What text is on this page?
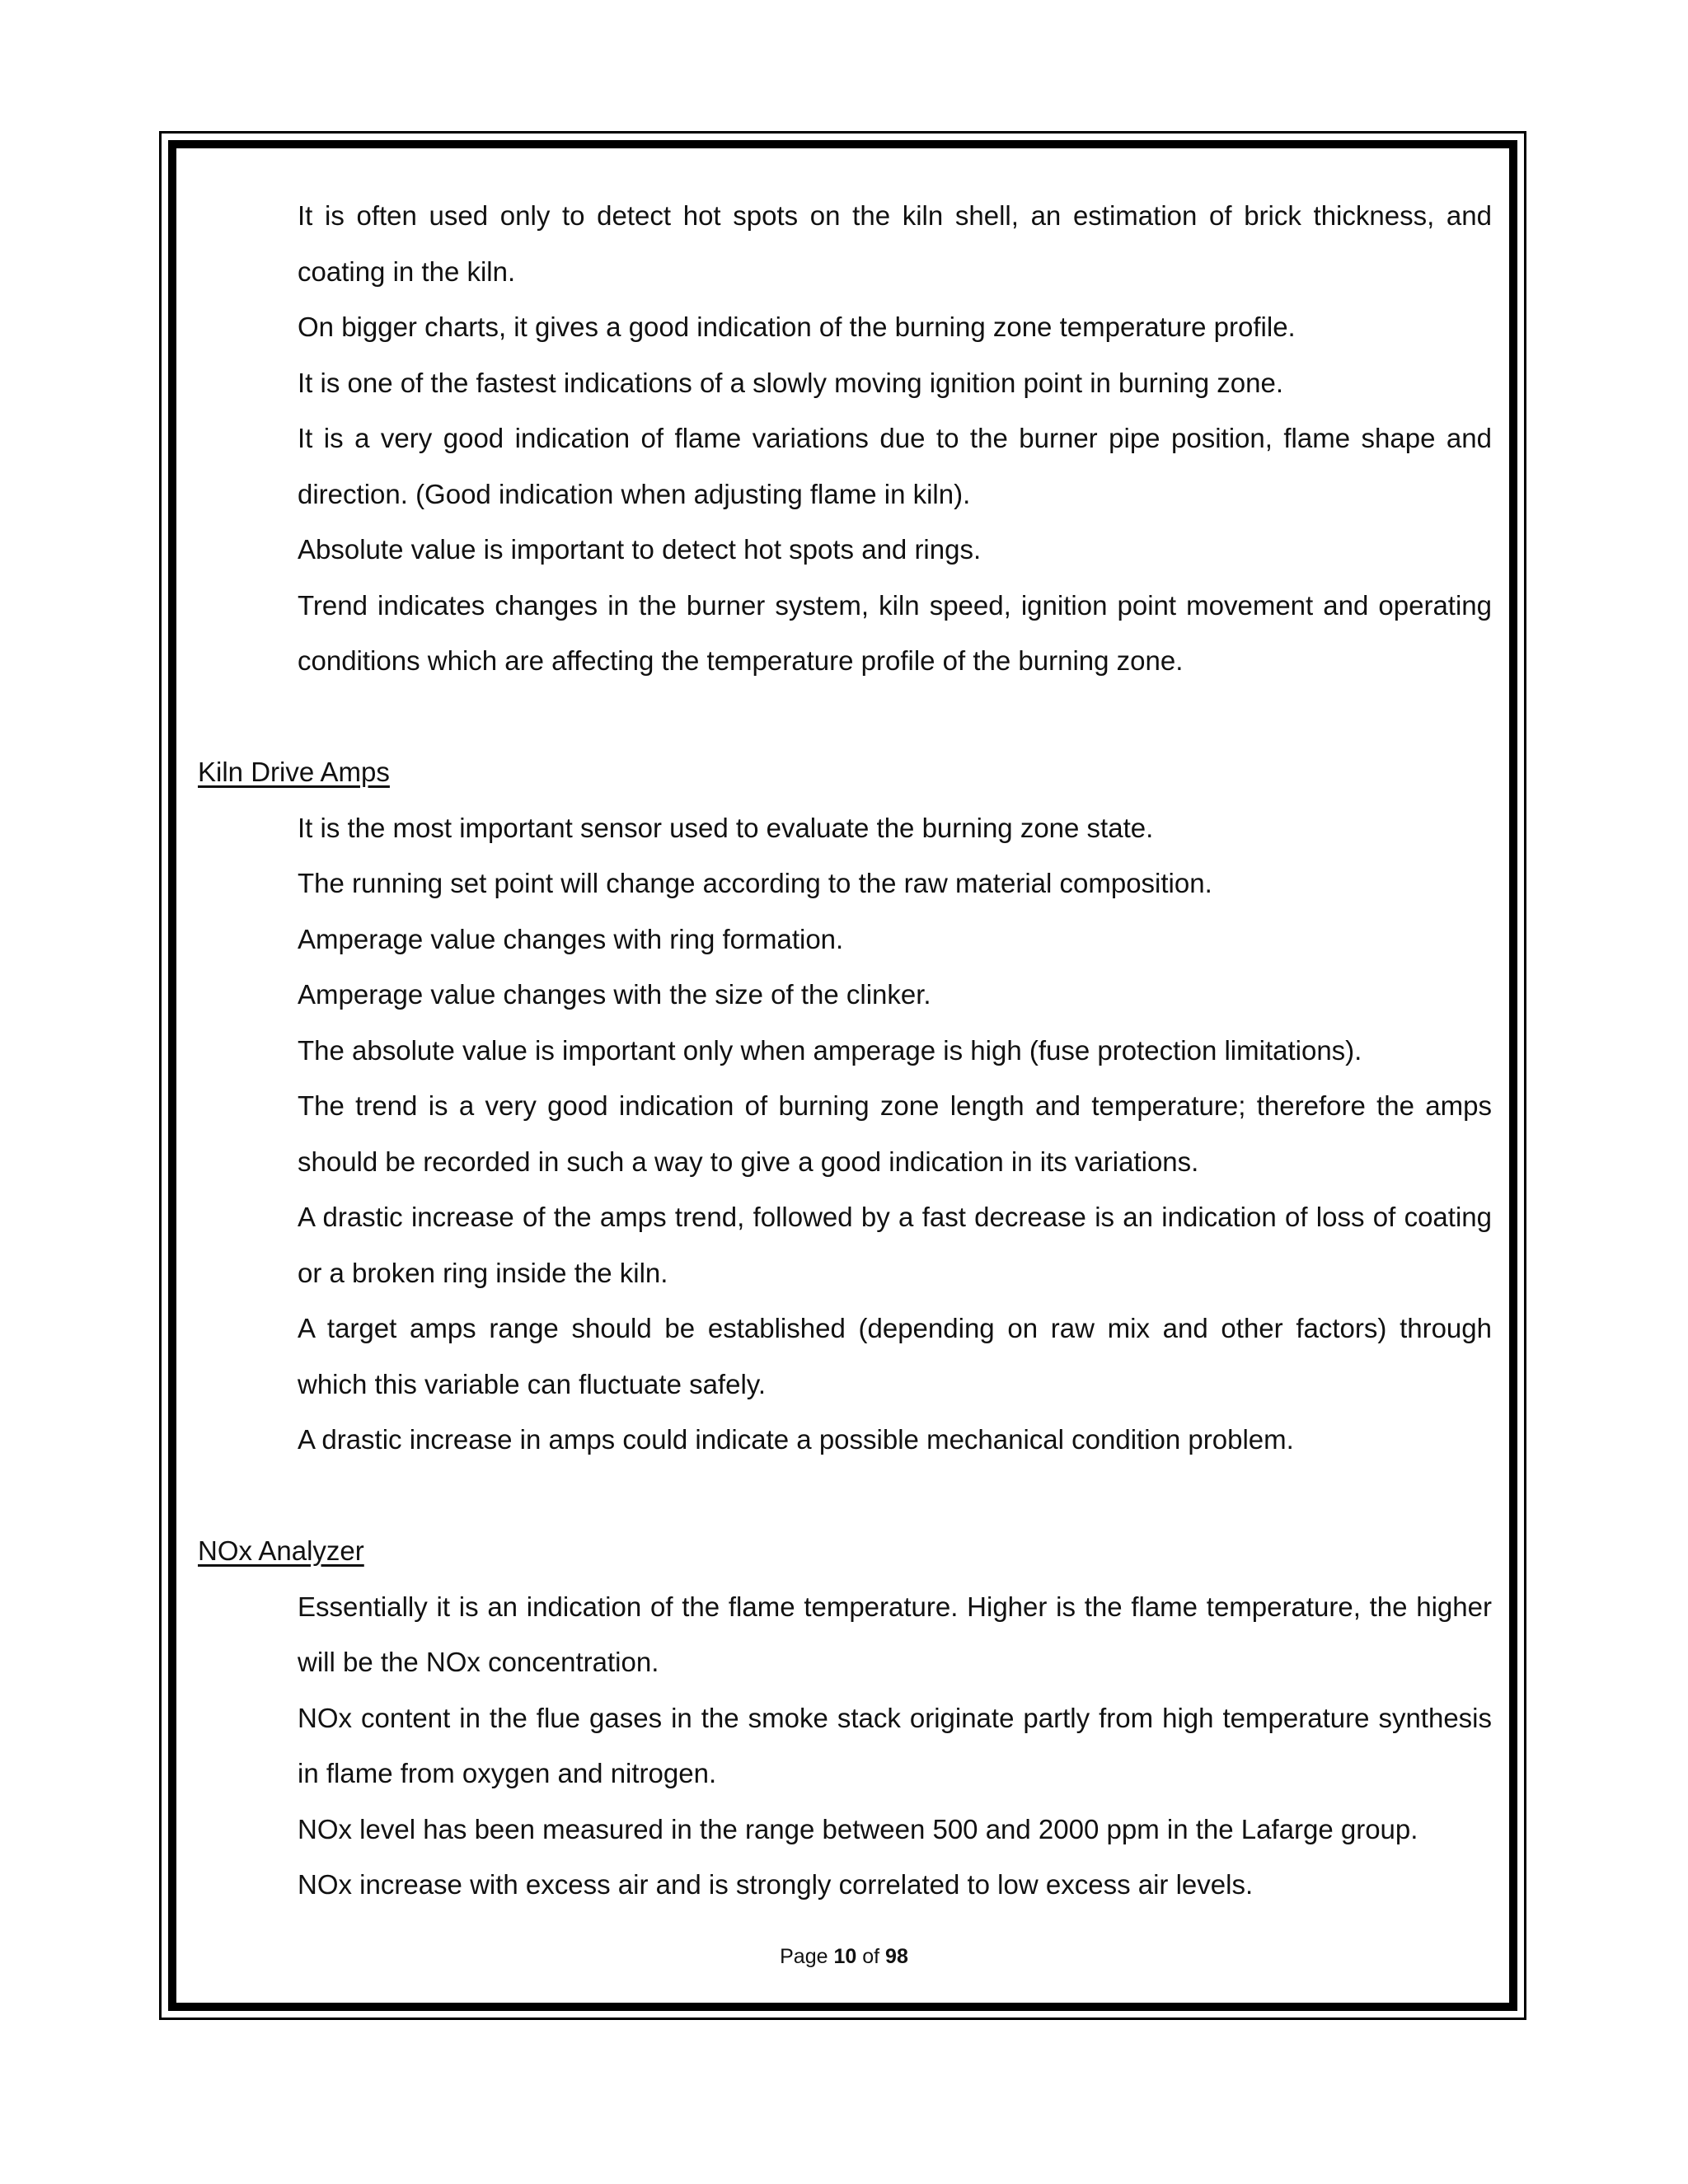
It is often used only to detect hot spots on the kiln shell, an estimation of brick thickness, and coating in the kiln.

On bigger charts, it gives a good indication of the burning zone temperature profile.

It is one of the fastest indications of a slowly moving ignition point in burning zone.

It is a very good indication of flame variations due to the burner pipe position, flame shape and direction. (Good indication when adjusting flame in kiln).

Absolute value is important to detect hot spots and rings.

Trend indicates changes in the burner system, kiln speed, ignition point movement and operating conditions which are affecting the temperature profile of the burning zone.

Kiln Drive Amps

It is the most important sensor used to evaluate the burning zone state.

The running set point will change according to the raw material composition.

Amperage value changes with ring formation.

Amperage value changes with the size of the clinker.

The absolute value is important only when amperage is high (fuse protection limitations).

The trend is a very good indication of burning zone length and temperature; therefore the amps should be recorded in such a way to give a good indication in its variations.

A drastic increase of the amps trend, followed by a fast decrease is an indication of loss of coating or a broken ring inside the kiln.

A target amps range should be established (depending on raw mix and other factors) through which this variable can fluctuate safely.

A drastic increase in amps could indicate a possible mechanical condition problem.

NOx Analyzer

Essentially it is an indication of the flame temperature. Higher is the flame temperature, the higher will be the NOx concentration.

NOx content in the flue gases in the smoke stack originate partly from high temperature synthesis in flame from oxygen and nitrogen.

NOx level has been measured in the range between 500 and 2000 ppm in the Lafarge group.

NOx increase with excess air and is strongly correlated to low excess air levels.

Page 10 of 98
